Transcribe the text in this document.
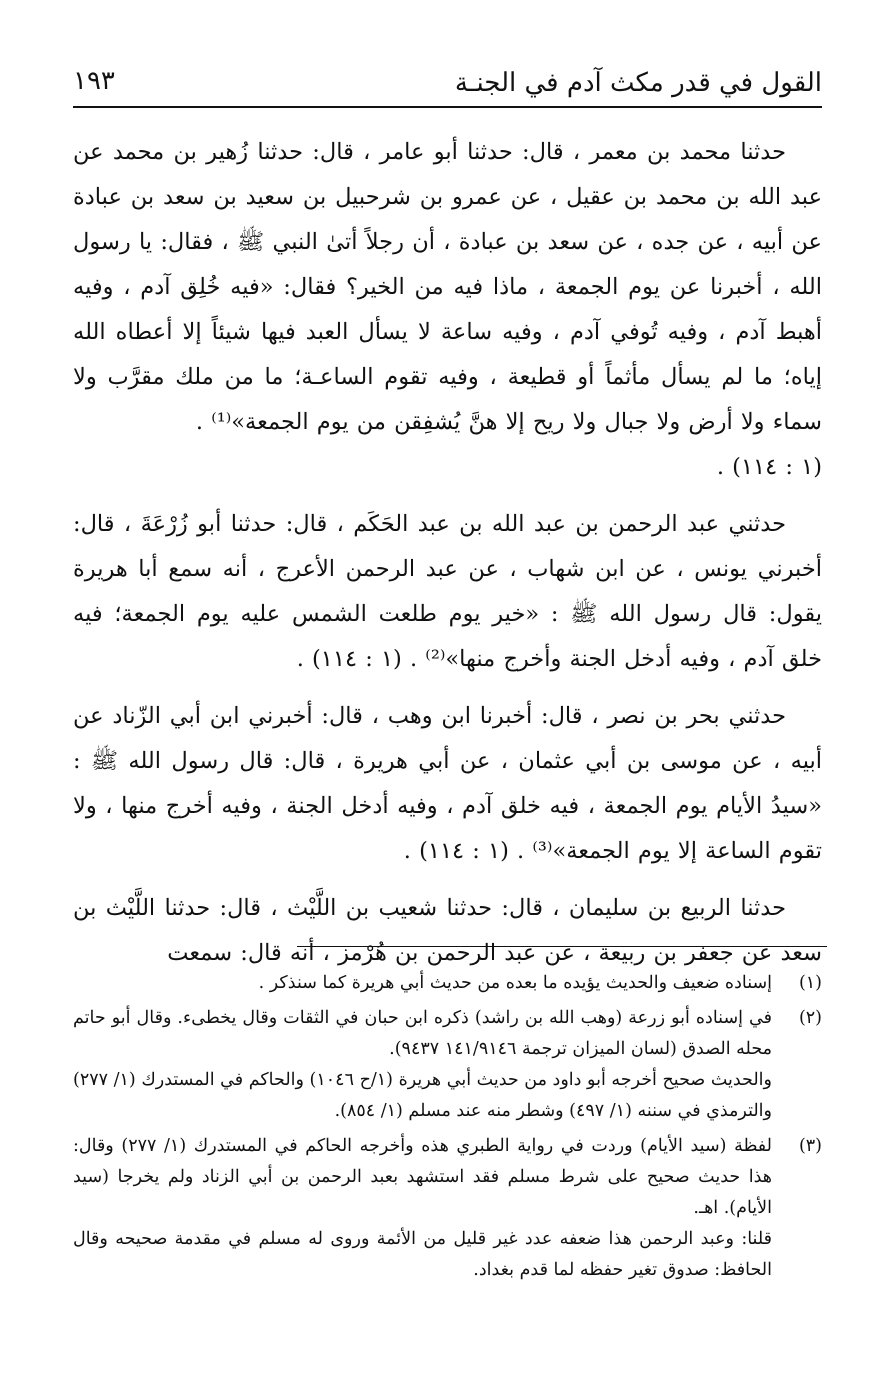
القول في قدر مكث آدم في الجنـة
١٩٣

حدثنا محمد بن معمر ، قال: حدثنا أبو عامر ، قال: حدثنا زُهير بن محمد عن عبد الله بن محمد بن عقيل ، عن عمرو بن شرحبيل بن سعيد بن سعد بن عبادة عن أبيه ، عن جده ، عن سعد بن عبادة ، أن رجلاً أتىٰ النبي ﷺ ، فقال: يا رسول الله ، أخبرنا عن يوم الجمعة ، ماذا فيه من الخير؟ فقال: «فيه خُلِق آدم ، وفيه أهبط آدم ، وفيه تُوفي آدم ، وفيه ساعة لا يسأل العبد فيها شيئاً إلا أعطاه الله إياه؛ ما لم يسأل مأثماً أو قطيعة ، وفيه تقوم الساعـة؛ ما من ملك مقرَّب ولا سماء ولا أرض ولا جبال ولا ريح إلا هنَّ يُشفِقن من يوم الجمعة»⁽¹⁾ .

(١ : ١١٤) .

حدثني عبد الرحمن بن عبد الله بن عبد الحَكَم ، قال: حدثنا أبو زُرْعَةَ ، قال: أخبرني يونس ، عن ابن شهاب ، عن عبد الرحمن الأعرج ، أنه سمع أبا هريرة يقول: قال رسول الله ﷺ : «خير يوم طلعت الشمس عليه يوم الجمعة؛ فيه خلق آدم ، وفيه أدخل الجنة وأخرج منها»⁽²⁾ . (١ : ١١٤) .

حدثني بحر بن نصر ، قال: أخبرنا ابن وهب ، قال: أخبرني ابن أبي الزّناد عن أبيه ، عن موسى بن أبي عثمان ، عن أبي هريرة ، قال: قال رسول الله ﷺ : «سيدُ الأيام يوم الجمعة ، فيه خلق آدم ، وفيه أدخل الجنة ، وفيه أخرج منها ، ولا تقوم الساعة إلا يوم الجمعة»⁽³⁾ . (١ : ١١٤) .

حدثنا الربيع بن سليمان ، قال: حدثنا شعيب بن اللَّيْث ، قال: حدثنا اللَّيْث بن سعد عن جعفر بن ربيعة ، عن عبد الرحمن بن هُرْمز ، أنه قال: سمعت

(١)
إسناده ضعيف والحديث يؤيده ما بعده من حديث أبي هريرة كما سنذكر .
(٢)
في إسناده أبو زرعة (وهب الله بن راشد) ذكره ابن حبان في الثقات وقال يخطىء. وقال أبو حاتم محله الصدق (لسان الميزان ترجمة ١٤١/٩١٤٦ ٩٤٣٧).
والحديث صحيح أخرجه أبو داود من حديث أبي هريرة (١/ح ١٠٤٦) والحاكم في المستدرك (١/ ٢٧٧) والترمذي في سننه (١/ ٤٩٧) وشطر منه عند مسلم (١/ ٨٥٤).
(٣)
لفظة (سيد الأيام) وردت في رواية الطبري هذه وأخرجه الحاكم في المستدرك (١/ ٢٧٧) وقال: هذا حديث صحيح على شرط مسلم فقد استشهد بعبد الرحمن بن أبي الزناد ولم يخرجا (سيد الأيام). اهـ.
قلنا: وعبد الرحمن هذا ضعفه عدد غير قليل من الأئمة وروى له مسلم في مقدمة صحيحه وقال الحافظ: صدوق تغير حفظه لما قدم بغداد.
